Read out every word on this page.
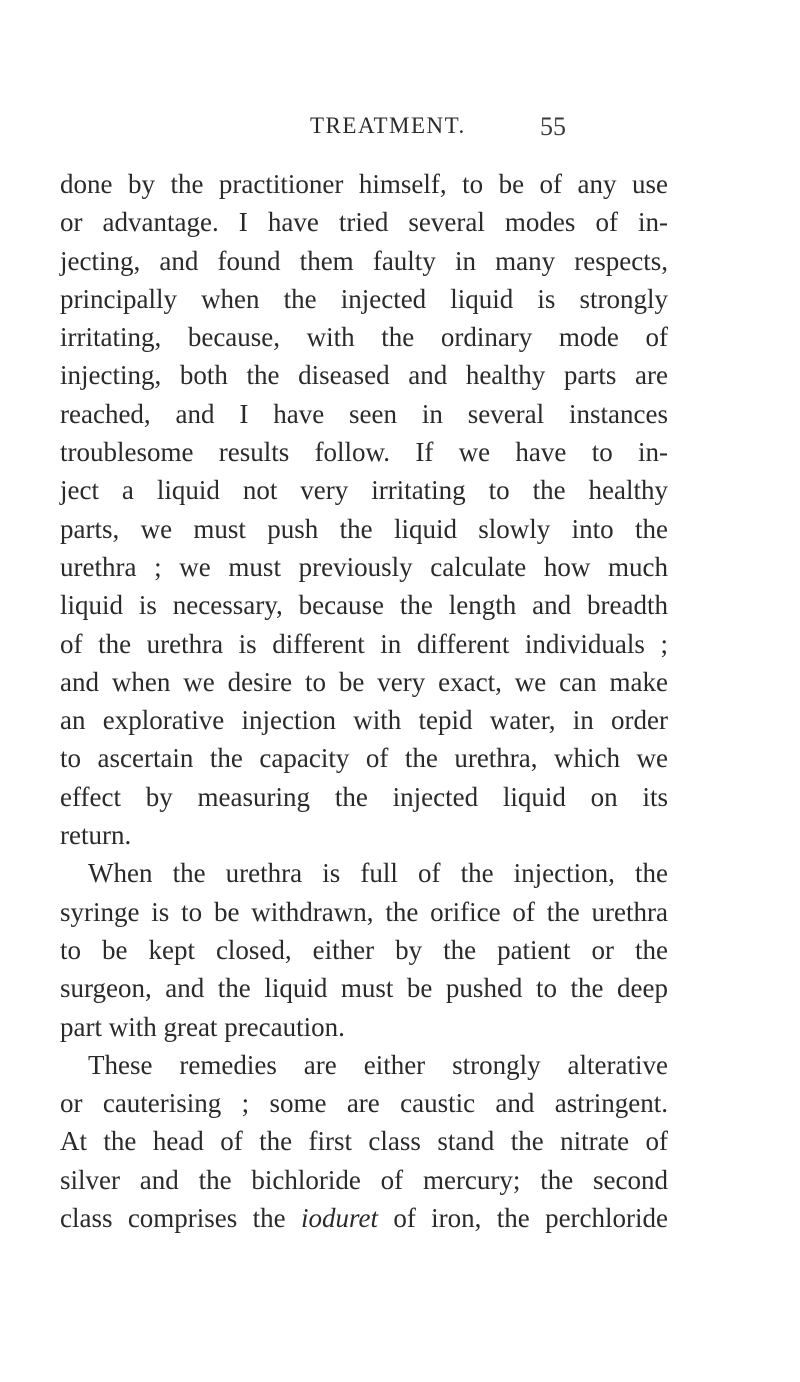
TREATMENT.	55
done by the practitioner himself, to be of any use
or advantage. I have tried several modes of in-
jecting, and found them faulty in many respects,
principally when the injected liquid is strongly
irritating, because, with the ordinary mode of
injecting, both the diseased and healthy parts are
reached, and I have seen in several instances
troublesome results follow. If we have to in-
ject a liquid not very irritating to the healthy
parts, we must push the liquid slowly into the
urethra ; we must previously calculate how much
liquid is necessary, because the length and breadth
of the urethra is different in different individuals ;
and when we desire to be very exact, we can make
an explorative injection with tepid water, in order
to ascertain the capacity of the urethra, which we
effect by measuring the injected liquid on its
return.
When the urethra is full of the injection, the
syringe is to be withdrawn, the orifice of the urethra
to be kept closed, either by the patient or the
surgeon, and the liquid must be pushed to the deep
part with great precaution.
These remedies are either strongly alterative
or cauterising ; some are caustic and astringent.
At the head of the first class stand the nitrate of
silver and the bichloride of mercury; the second
class comprises the ioduret of iron, the perchloride
